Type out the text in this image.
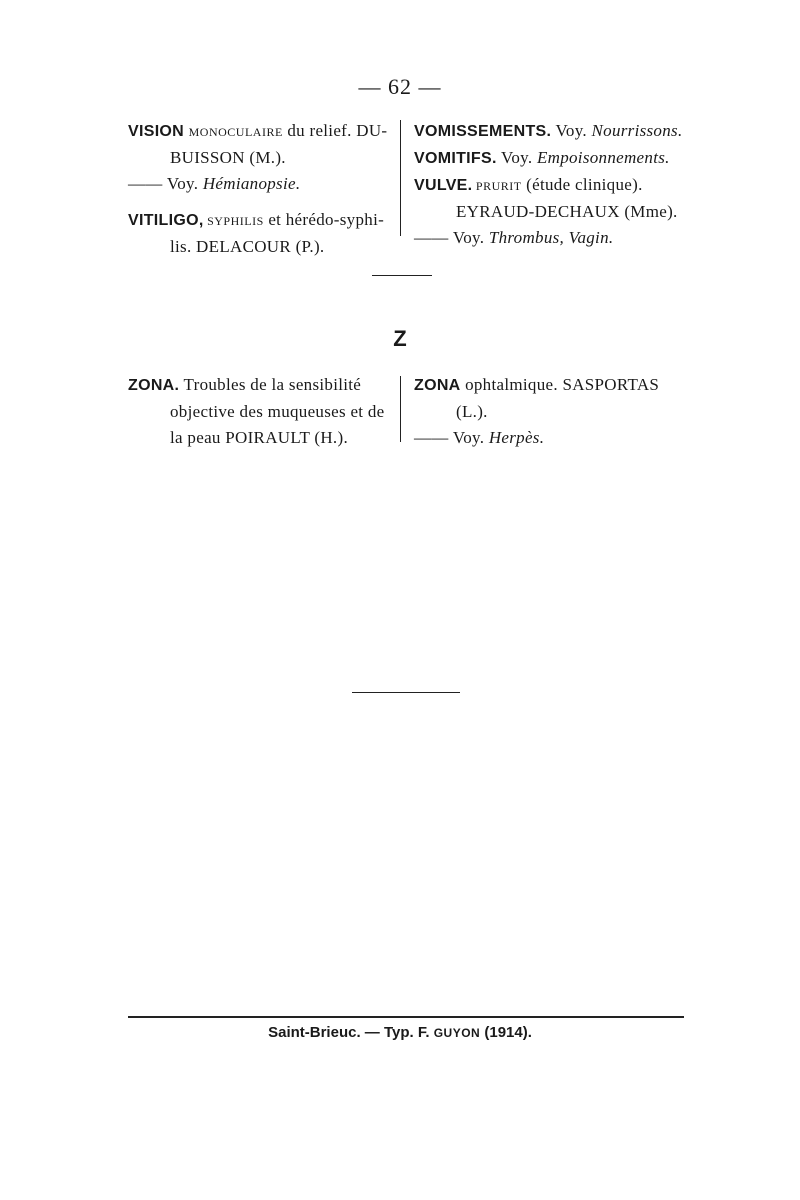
— 62 —
VISION MONOCULAIRE du relief. DU-
BUISSON (M.).
—— Voy. Hémianopsie.
VITILIGO, SYPHILIS et hérédo-syphi-
lis. DELACOUR (P.).
VOMISSEMENTS. Voy. Nourrissons.
VOMITIFS. Voy. Empoisonnements.
VULVE. PRURIT (étude clinique).
EYRAUD-DECHAUX (Mme).
—— Voy. Thrombus, Vagin.
Z
ZONA. Troubles de la sensibilité
objective des muqueuses et de
la peau POIRAULT (H.).
ZONA ophtalmique. SASPORTAS
(L.).
—— Voy. Herpès.
Saint-Brieuc. — Typ. F. GUYON (1914).
